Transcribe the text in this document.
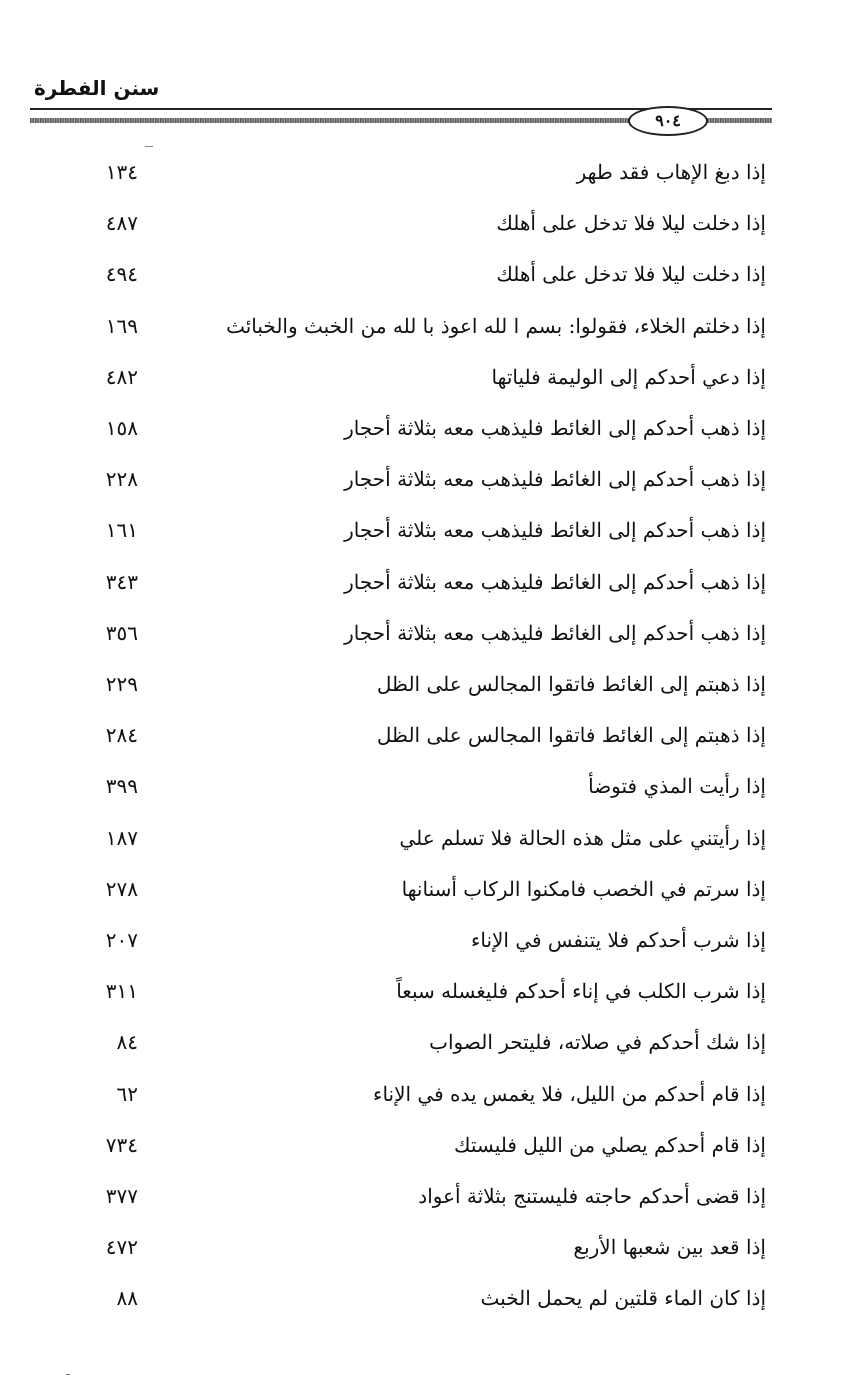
سنن الفطرة
٩٠٤
إذا دبغ الإهاب فقد طهر
١٣٤
إذا دخلت ليلا فلا تدخل على أهلك
٤٨٧
إذا دخلت ليلا فلا تدخل على أهلك
٤٩٤
إذا دخلتم الخلاء، فقولوا: بسم ا لله اعوذ با لله من الخبث والخبائث
١٦٩
إذا دعي أحدكم إلى الوليمة فلياتها
٤٨٢
إذا ذهب أحدكم إلى الغائط فليذهب معه بثلاثة أحجار
١٥٨
إذا ذهب أحدكم إلى الغائط فليذهب معه بثلاثة أحجار
٢٢٨
إذا ذهب أحدكم إلى الغائط فليذهب معه بثلاثة أحجار
١٦١
إذا ذهب أحدكم إلى الغائط فليذهب معه بثلاثة أحجار
٣٤٣
إذا ذهب أحدكم إلى الغائط فليذهب معه بثلاثة أحجار
٣٥٦
إذا ذهبتم إلى الغائط فاتقوا المجالس على الظل
٢٢٩
إذا ذهبتم إلى الغائط فاتقوا المجالس على الظل
٢٨٤
إذا رأيت المذي فتوضأ
٣٩٩
إذا رأيتني على مثل هذه الحالة فلا تسلم علي
١٨٧
إذا سرتم في الخصب فامكنوا الركاب أسنانها
٢٧٨
إذا شرب أحدكم فلا يتنفس في الإناء
٢٠٧
إذا شرب الكلب في إناء أحدكم فليغسله سبعاً
٣١١
إذا شك أحدكم في صلاته، فليتحر الصواب
٨٤
إذا قام أحدكم من الليل، فلا يغمس يده في الإناء
٦٢
إذا قام أحدكم يصلي من الليل فليستك
٧٣٤
إذا قضى أحدكم حاجته فليستنج بثلاثة أعواد
٣٧٧
إذا قعد بين شعبها الأربع
٤٧٢
إذا كان الماء قلتين لم يحمل الخبث
٨٨
